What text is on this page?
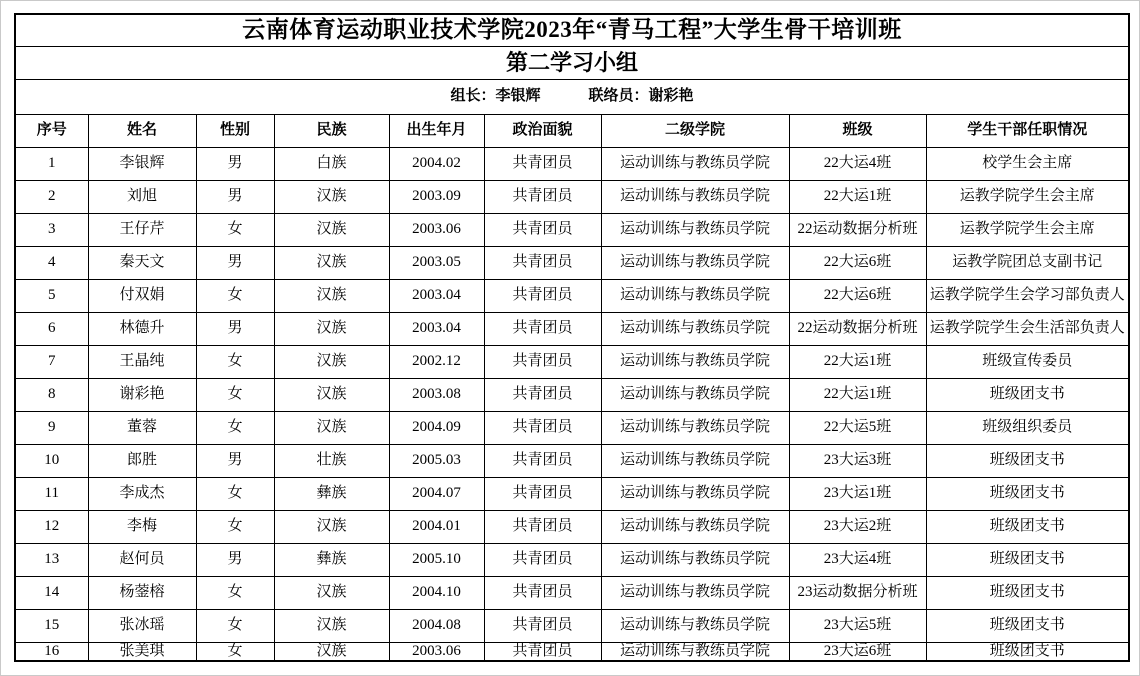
云南体育运动职业技术学院2023年“青马工程”大学生骨干培训班								
第二学习小组								
组长：李银辉 联络员：谢彩艳								
序号	姓名	性别	民族	出生年月	政治面貌	二级学院	班级	学生干部任职情况
1	李银辉	男	白族	2004.02	共青团员	运动训练与教练员学院	22大运4班	校学生会主席
2	刘旭	男	汉族	2003.09	共青团员	运动训练与教练员学院	22大运1班	运教学院学生会主席
3	王仔芹	女	汉族	2003.06	共青团员	运动训练与教练员学院	22运动数据分析班	运教学院学生会主席
4	秦天文	男	汉族	2003.05	共青团员	运动训练与教练员学院	22大运6班	运教学院团总支副书记
5	付双娟	女	汉族	2003.04	共青团员	运动训练与教练员学院	22大运6班	运教学院学生会学习部负责人
6	林德升	男	汉族	2003.04	共青团员	运动训练与教练员学院	22运动数据分析班	运教学院学生会生活部负责人
7	王晶纯	女	汉族	2002.12	共青团员	运动训练与教练员学院	22大运1班	班级宣传委员
8	谢彩艳	女	汉族	2003.08	共青团员	运动训练与教练员学院	22大运1班	班级团支书
9	董蓉	女	汉族	2004.09	共青团员	运动训练与教练员学院	22大运5班	班级组织委员
10	郎胜	男	壮族	2005.03	共青团员	运动训练与教练员学院	23大运3班	班级团支书
11	李成杰	女	彝族	2004.07	共青团员	运动训练与教练员学院	23大运1班	班级团支书
12	李梅	女	汉族	2004.01	共青团员	运动训练与教练员学院	23大运2班	班级团支书
13	赵何员	男	彝族	2005.10	共青团员	运动训练与教练员学院	23大运4班	班级团支书
14	杨蓥榕	女	汉族	2004.10	共青团员	运动训练与教练员学院	23运动数据分析班	班级团支书
15	张冰瑶	女	汉族	2004.08	共青团员	运动训练与教练员学院	23大运5班	班级团支书
16	张美琪	女	汉族	2003.06	共青团员	运动训练与教练员学院	23大运6班	班级团支书
